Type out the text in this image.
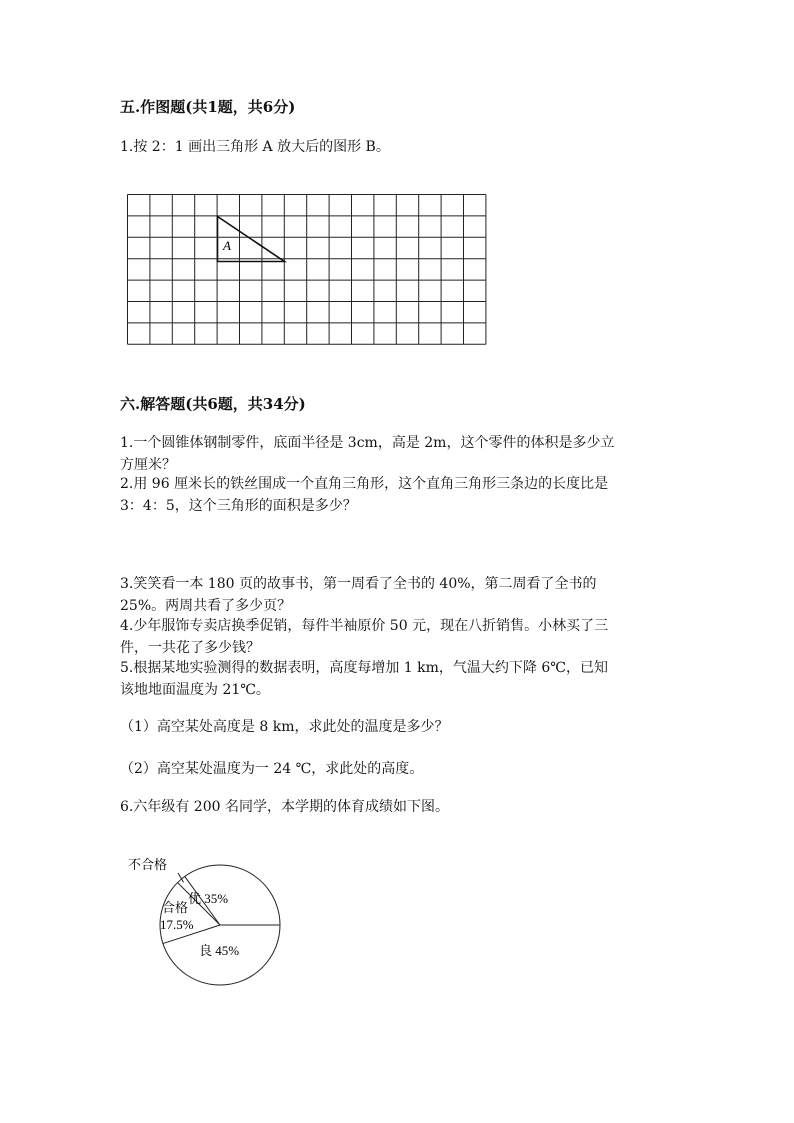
五.作图题(共1题，共6分)
1.按 2：1 画出三角形 A 放大后的图形 B。
A
六.解答题(共6题，共34分)
1.一个圆锥体钢制零件，底面半径是 3cm，高是 2m，这个零件的体积是多少立
方厘米？
2.用 96 厘米长的铁丝围成一个直角三角形，这个直角三角形三条边的长度比是
3：4：5，这个三角形的面积是多少？
3.笑笑看一本 180 页的故事书，第一周看了全书的 40%，第二周看了全书的
25%。两周共看了多少页？
4.少年服饰专卖店换季促销，每件半袖原价 50 元，现在八折销售。小林买了三
件，一共花了多少钱？
5.根据某地实验测得的数据表明，高度每增加 1 km，气温大约下降 6℃，已知
该地地面温度为 21℃。
（1）高空某处高度是 8 km，求此处的温度是多少？
（2）高空某处温度为一 24 ℃，求此处的高度。
6.六年级有 200 名同学，本学期的体育成绩如下图。
不合格
优 35%
合格
17.5%
良 45%
